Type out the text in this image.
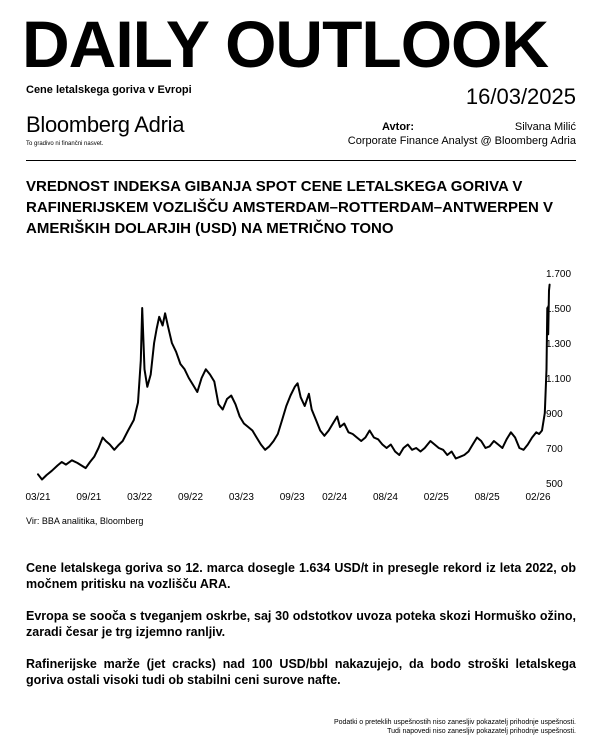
DAILY OUTLOOK
Cene letalskega goriva v Evropi	16/03/2025
Bloomberg Adria
To gradivo ni finančni nasvet.
Avtor:	Silvana Milić
Corporate Finance Analyst @ Bloomberg Adria
VREDNOST INDEKSA GIBANJA SPOT CENE LETALSKEGA GORIVA V RAFINERIJSKEM VOZLIŠČU AMSTERDAM–ROTTERDAM–ANTWERPEN V AMERIŠKIH DOLARJIH (USD) NA METRIČNO TONO
500
700
900
1.100
1.300
1.500
1.700
03/21	09/21	03/22	09/22	03/23	09/23 02/24	08/24	02/25	08/25	02/26
Vir: BBA analitika, Bloomberg

Cene letalskega goriva so 12. marca dosegle 1.634 USD/t in presegle rekord iz leta 2022, ob močnem pritisku na vozlišču ARA.

Evropa se sooča s tveganjem oskrbe, saj 30 odstotkov uvoza poteka skozi Hormuško ožino, zaradi česar je trg izjemno ranljiv.

Rafinerijske marže (jet cracks) nad 100 USD/bbl nakazujejo, da bodo stroški letalskega goriva ostali visoki tudi ob stabilni ceni surove nafte.

Podatki o preteklih uspešnostih niso zanesljiv pokazatelj prihodnje uspešnosti.
Tudi napovedi niso zanesljiv pokazatelj prihodnje uspešnosti.
